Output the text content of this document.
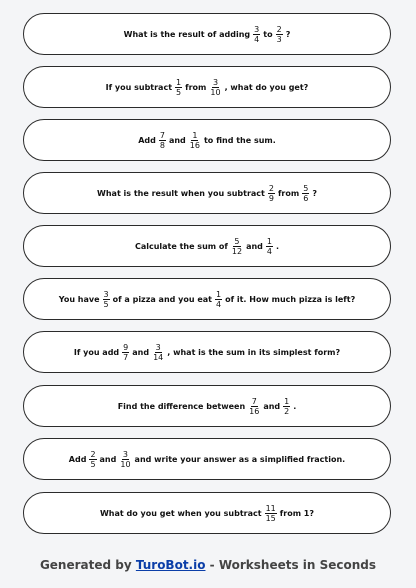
What is the result of adding $\frac{3}{4}$ to $\frac{2}{3}$ ?
If you subtract $\frac{1}{5}$ from $\frac{3}{10}$ , what do you get?
Add $\frac{7}{8}$ and $\frac{1}{16}$ to find the sum.
What is the result when you subtract $\frac{2}{9}$ from $\frac{5}{6}$ ?
Calculate the sum of $\frac{5}{12}$ and $\frac{1}{4}$ .
You have $\frac{3}{5}$ of a pizza and you eat $\frac{1}{4}$ of it. How much pizza is left?
If you add $\frac{9}{7}$ and $\frac{3}{14}$ , what is the sum in its simplest form?
Find the difference between $\frac{7}{16}$ and $\frac{1}{2}$ .
Add $\frac{2}{5}$ and $\frac{3}{10}$ and write your answer as a simplified fraction.
What do you get when you subtract $\frac{11}{15}$ from 1?
Generated by TuroBot.io - Worksheets in Seconds
